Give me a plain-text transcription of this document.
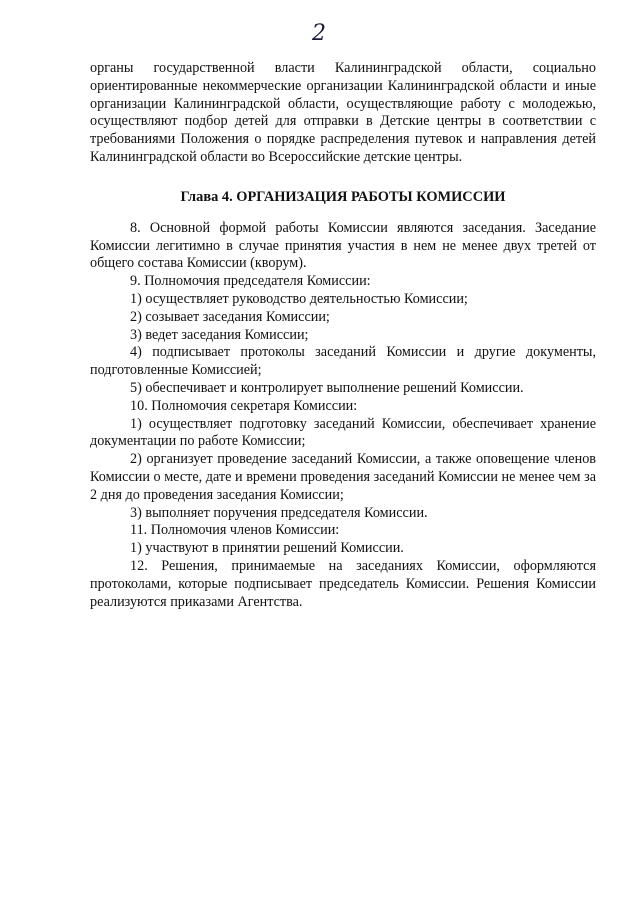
2

органы государственной власти Калининградской области, социально ориентированные некоммерческие организации Калининградской области и иные организации Калининградской области, осуществляющие работу с молодежью, осуществляют подбор детей для отправки в Детские центры в соответствии с требованиями Положения о порядке распределения путевок и направления детей Калининградской области во Всероссийские детские центры.

Глава 4. ОРГАНИЗАЦИЯ РАБОТЫ КОМИССИИ

8. Основной формой работы Комиссии являются заседания. Заседание Комиссии легитимно в случае принятия участия в нем не менее двух третей от общего состава Комиссии (кворум).

9. Полномочия председателя Комиссии:

1) осуществляет руководство деятельностью Комиссии;

2) созывает заседания Комиссии;

3) ведет заседания Комиссии;

4) подписывает протоколы заседаний Комиссии и другие документы, подготовленные Комиссией;

5) обеспечивает и контролирует выполнение решений Комиссии.

10. Полномочия секретаря Комиссии:

1) осуществляет подготовку заседаний Комиссии, обеспечивает хранение документации по работе Комиссии;

2) организует проведение заседаний Комиссии, а также оповещение членов Комиссии о месте, дате и времени проведения заседаний Комиссии не менее чем за 2 дня до проведения заседания Комиссии;

3) выполняет поручения председателя Комиссии.

11. Полномочия членов Комиссии:

1) участвуют в принятии решений Комиссии.

12. Решения, принимаемые на заседаниях Комиссии, оформляются протоколами, которые подписывает председатель Комиссии. Решения Комиссии реализуются приказами Агентства.
